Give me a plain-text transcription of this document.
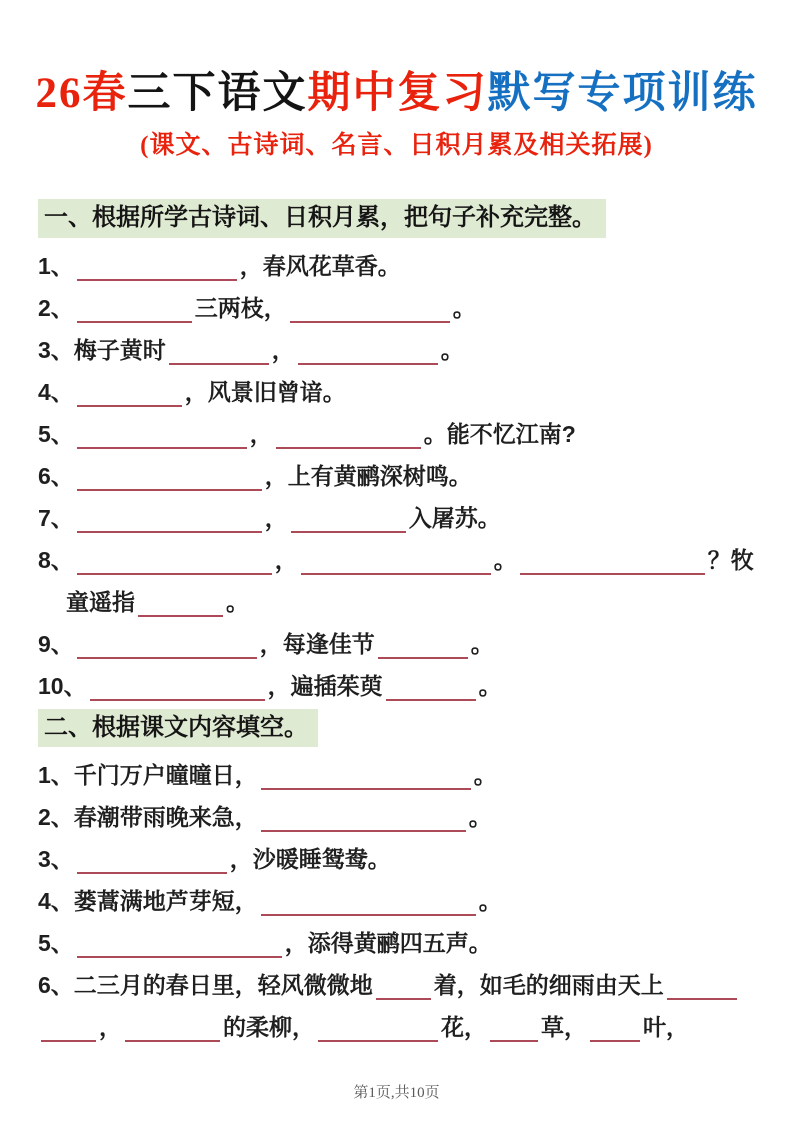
26春三下语文期中复习默写专项训练
(课文、古诗词、名言、日积月累及相关拓展)
一、根据所学古诗词、日积月累，把句子补充完整。
1、	，春风花草香。
2、	三两枝，	。
3、梅子黄时	，	。
4、	，风景旧曾谙。
5、	，	。能不忆江南?
6、	，上有黄鹂深树鸣。
7、	，	入屠苏。
8、	，	。	？牧
童遥指	。
9、	，每逢佳节	。
10、	，遍插茱萸	。
二、根据课文内容填空。
1、千门万户曈曈日，	。
2、春潮带雨晚来急，	。
3、	，沙暖睡鸳鸯。
4、蒌蒿满地芦芽短，	。
5、	，添得黄鹂四五声。
6、二三月的春日里，轻风微微地	着，如毛的细雨由天上
，	的柔柳，	花， 草， 叶，
第1页,共10页
